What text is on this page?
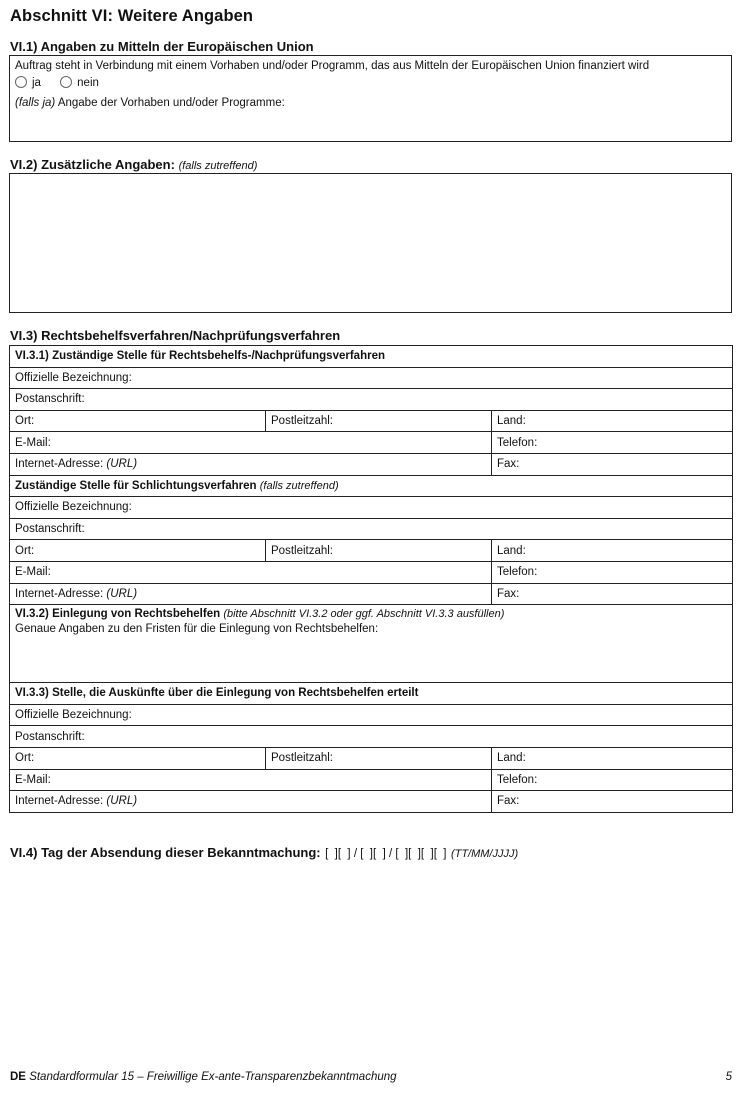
Abschnitt VI: Weitere Angaben
VI.1) Angaben zu Mitteln der Europäischen Union
Auftrag steht in Verbindung mit einem Vorhaben und/oder Programm, das aus Mitteln der Europäischen Union finanziert wird
ja	nein
(falls ja) Angabe der Vorhaben und/oder Programme:
VI.2) Zusätzliche Angaben: (falls zutreffend)
VI.3) Rechtsbehelfsverfahren/Nachprüfungsverfahren
VI.3.1) Zuständige Stelle für Rechtsbehelfs-/Nachprüfungsverfahren		
Offizielle Bezeichnung:		
Postanschrift:		
Ort:	Postleitzahl:	Land:
E-Mail:		Telefon:
Internet-Adresse: (URL)		Fax:
Zuständige Stelle für Schlichtungsverfahren (falls zutreffend)		
Offizielle Bezeichnung:		
Postanschrift:		
Ort:	Postleitzahl:	Land:
E-Mail:		Telefon:
Internet-Adresse: (URL)		Fax:

VI.3.2) Einlegung von Rechtsbehelfen (bitte Abschnitt VI.3.2 oder ggf. Abschnitt VI.3.3 ausfüllen)
Genaue Angaben zu den Fristen für die Einlegung von Rechtsbehelfen:		

VI.3.3) Stelle, die Auskünfte über die Einlegung von Rechtsbehelfen erteilt		
Offizielle Bezeichnung:		
Postanschrift:		
Ort:	Postleitzahl:	Land:
E-Mail:		Telefon:
Internet-Adresse: (URL)		Fax:
VI.4) Tag der Absendung dieser Bekanntmachung: [  ][  ] / [  ][  ] / [  ][  ][  ][  ] (TT/MM/JJJJ)
DE Standardformular 15 – Freiwillige Ex-ante-Transparenzbekanntmachung	5
